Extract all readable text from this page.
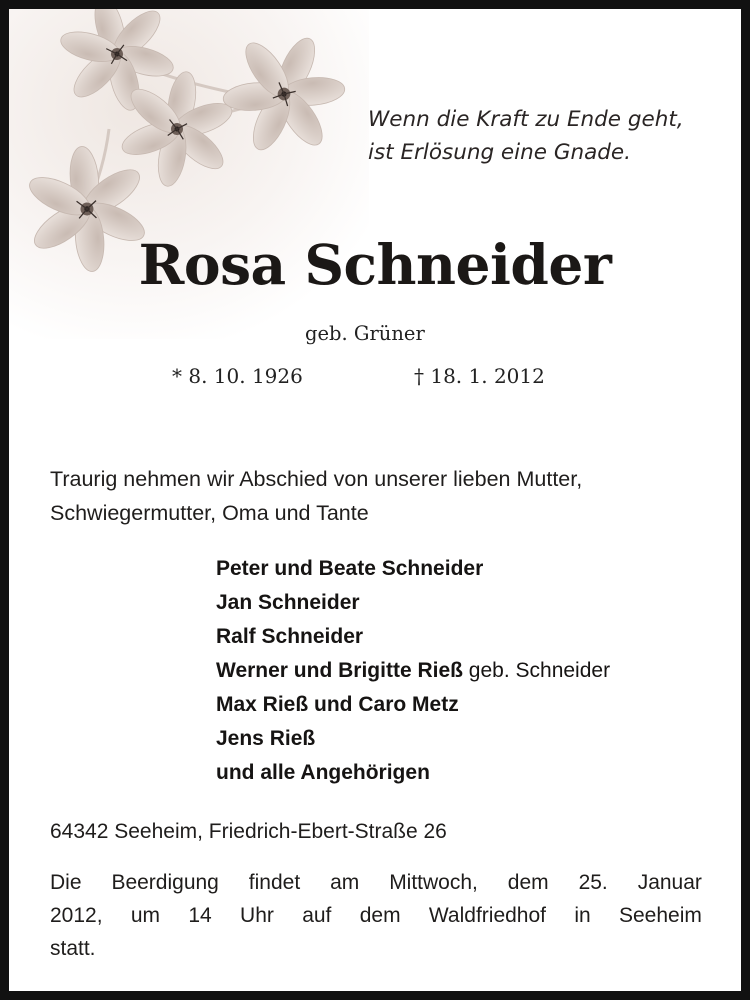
Wenn die Kraft zu Ende geht,
ist Erlösung eine Gnade.
Rosa Schneider
geb. Grüner
* 8. 10. 1926	† 18. 1. 2012
Traurig nehmen wir Abschied von unserer lieben Mutter,
Schwiegermutter, Oma und Tante
Peter und Beate Schneider
Jan Schneider
Ralf Schneider
Werner und Brigitte Rieß geb. Schneider
Max Rieß und Caro Metz
Jens Rieß
und alle Angehörigen
64342 Seeheim, Friedrich-Ebert-Straße 26
Die Beerdigung findet am Mittwoch, dem 25. Januar
2012, um 14 Uhr auf dem Waldfriedhof in Seeheim
statt.
